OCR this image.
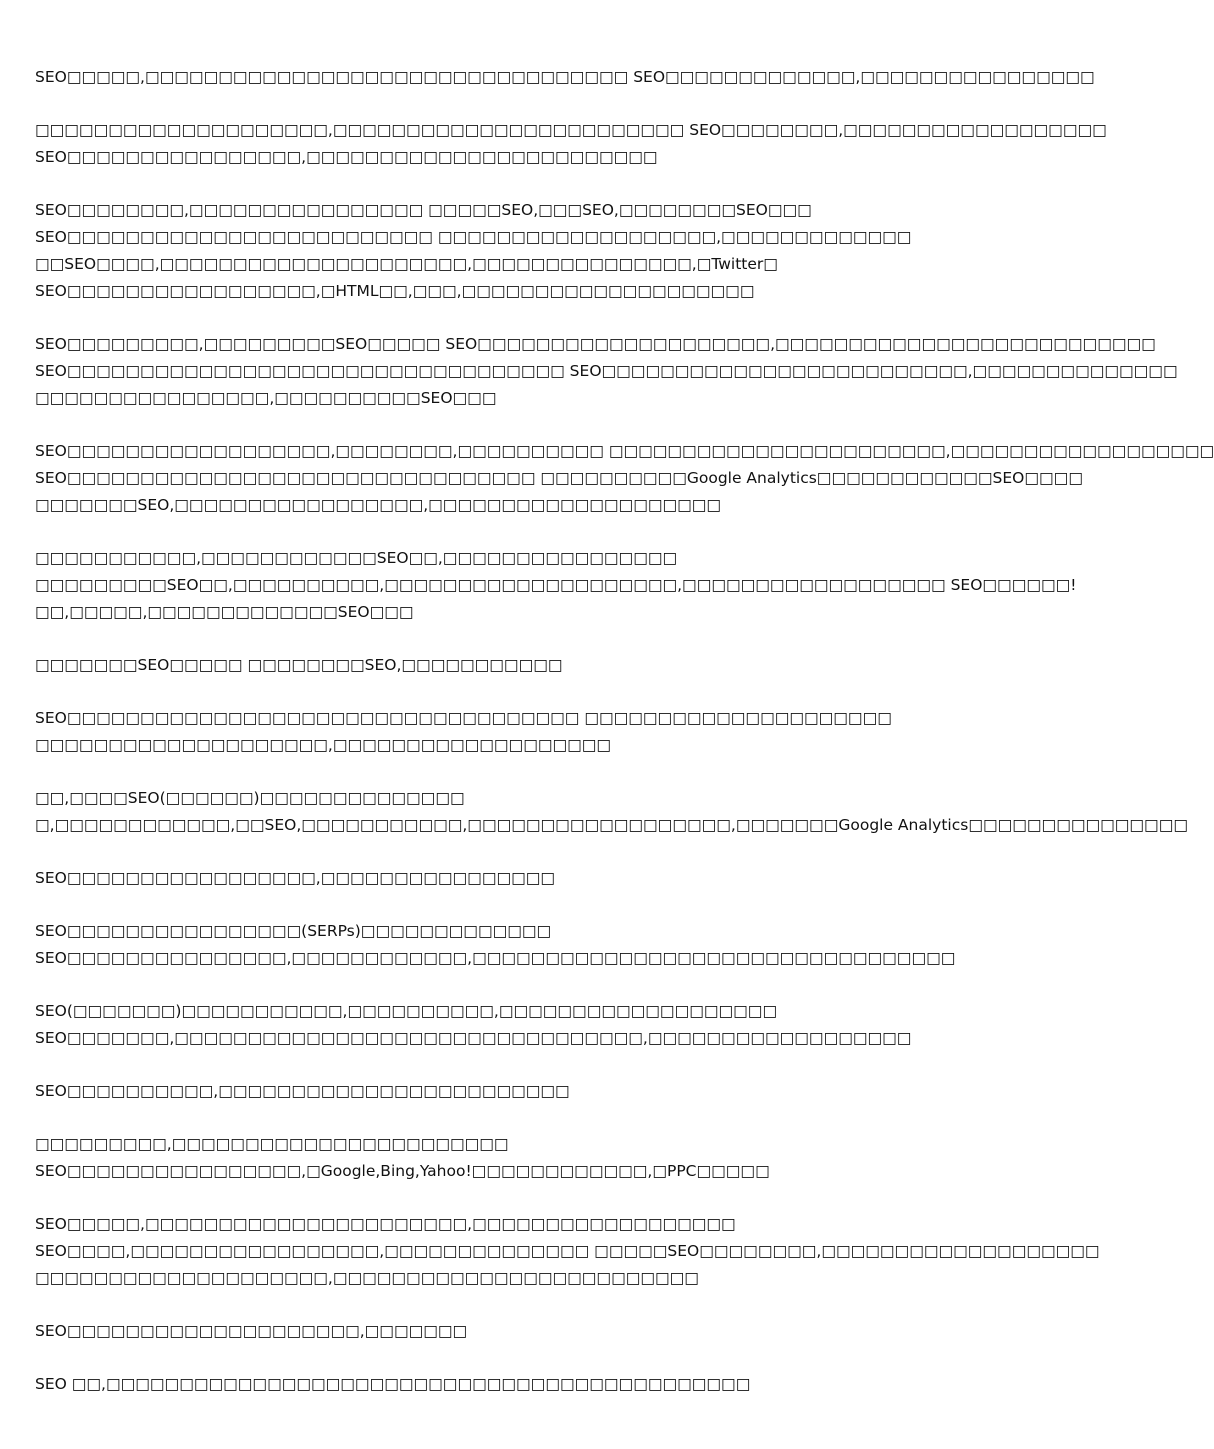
SEO□□□□□,□□□□□□□□□□□□□□□□□□□□□□□□□□□□□□□□□ SEO□□□□□□□□□□□□□,□□□□□□□□□□□□□□□□
□□□□□□□□□□□□□□□□□□□□,□□□□□□□□□□□□□□□□□□□□□□□□ SEO□□□□□□□□,□□□□□□□□□□□□□□□□□□
SEO□□□□□□□□□□□□□□□□,□□□□□□□□□□□□□□□□□□□□□□□□
SEO□□□□□□□□,□□□□□□□□□□□□□□□□ □□□□□SEO,□□□SEO,□□□□□□□□SEO□□□
SEO□□□□□□□□□□□□□□□□□□□□□□□□□ □□□□□□□□□□□□□□□□□□□,□□□□□□□□□□□□□
□□SEO□□□□,□□□□□□□□□□□□□□□□□□□□□,□□□□□□□□□□□□□□□,□Twitter□
SEO□□□□□□□□□□□□□□□□□,□HTML□□,□□□,□□□□□□□□□□□□□□□□□□□□
SEO□□□□□□□□□,□□□□□□□□□SEO□□□□□ SEO□□□□□□□□□□□□□□□□□□□□,□□□□□□□□□□□□□□□□□□□□□□□□□□
SEO□□□□□□□□□□□□□□□□□□□□□□□□□□□□□□□□□□ SEO□□□□□□□□□□□□□□□□□□□□□□□□□,□□□□□□□□□□□□□□
□□□□□□□□□□□□□□□□,□□□□□□□□□□SEO□□□
SEO□□□□□□□□□□□□□□□□□□,□□□□□□□□,□□□□□□□□□□ □□□□□□□□□□□□□□□□□□□□□□□,□□□□□□□□□□□□□□□□□□
SEO□□□□□□□□□□□□□□□□□□□□□□□□□□□□□□□□ □□□□□□□□□□Google Analytics□□□□□□□□□□□□SEO□□□□
□□□□□□□SEO,□□□□□□□□□□□□□□□□□,□□□□□□□□□□□□□□□□□□□□
□□□□□□□□□□□,□□□□□□□□□□□□SEO□□,□□□□□□□□□□□□□□□□
□□□□□□□□□SEO□□,□□□□□□□□□□,□□□□□□□□□□□□□□□□□□□□,□□□□□□□□□□□□□□□□□□ SEO□□□□□□!
□□,□□□□□,□□□□□□□□□□□□□SEO□□□
□□□□□□□SEO□□□□□ □□□□□□□□SEO,□□□□□□□□□□□
SEO□□□□□□□□□□□□□□□□□□□□□□□□□□□□□□□□□□□ □□□□□□□□□□□□□□□□□□□□□
□□□□□□□□□□□□□□□□□□□□,□□□□□□□□□□□□□□□□□□□
□□,□□□□SEO(□□□□□□)□□□□□□□□□□□□□□
□,□□□□□□□□□□□□,□□SEO,□□□□□□□□□□□,□□□□□□□□□□□□□□□□□□,□□□□□□□Google Analytics□□□□□□□□□□□□□□□
SEO□□□□□□□□□□□□□□□□□,□□□□□□□□□□□□□□□□
SEO□□□□□□□□□□□□□□□□(SERPs)□□□□□□□□□□□□□
SEO□□□□□□□□□□□□□□□,□□□□□□□□□□□□,□□□□□□□□□□□□□□□□□□□□□□□□□□□□□□□□□
SEO(□□□□□□□)□□□□□□□□□□□,□□□□□□□□□□,□□□□□□□□□□□□□□□□□□□
SEO□□□□□□□,□□□□□□□□□□□□□□□□□□□□□□□□□□□□□□□□,□□□□□□□□□□□□□□□□□□
SEO□□□□□□□□□□,□□□□□□□□□□□□□□□□□□□□□□□□
□□□□□□□□□,□□□□□□□□□□□□□□□□□□□□□□□
SEO□□□□□□□□□□□□□□□□,□Google,Bing,Yahoo!□□□□□□□□□□□□,□PPC□□□□□
SEO□□□□□,□□□□□□□□□□□□□□□□□□□□□□,□□□□□□□□□□□□□□□□□□
SEO□□□□,□□□□□□□□□□□□□□□□□,□□□□□□□□□□□□□□ □□□□□SEO□□□□□□□□,□□□□□□□□□□□□□□□□□□□
□□□□□□□□□□□□□□□□□□□□,□□□□□□□□□□□□□□□□□□□□□□□□□
SEO□□□□□□□□□□□□□□□□□□□□,□□□□□□□
SEO □□,□□□□□□□□□□□□□□□□□□□□□□□□□□□□□□□□□□□□□□□□□□□□
